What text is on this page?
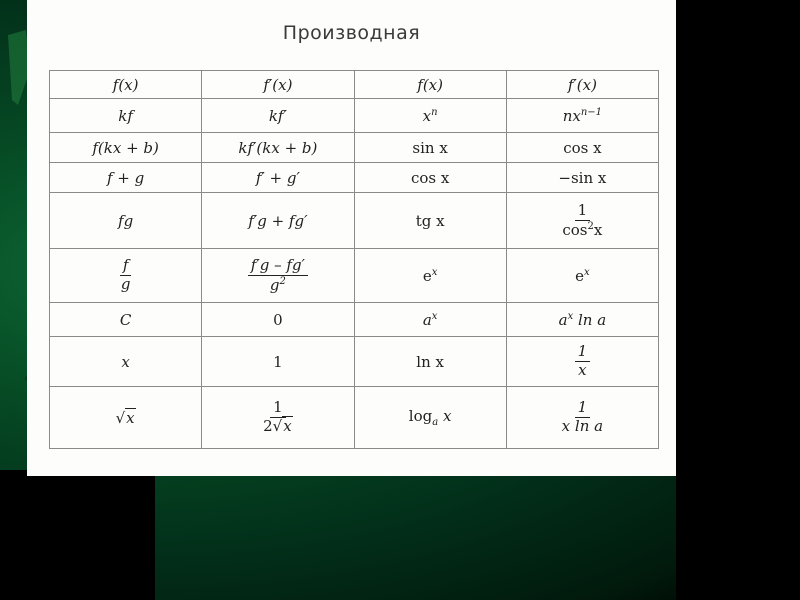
Производная
f(x)	f′(x)	f(x)	f′(x)
kf	kf′	$x^n$	$nx^{n-1}$
f(kx + b)	kf′(kx + b)	sin x	cos x
f + g	f′ + g′	cos x	−sin x
fg	f′g + fg′	tg x	$\frac{1}{\cos^2x}$

$\frac{f}{g}$	$\frac{f'g - fg'}{g^2}$	$e^x$	$e^x$
C	0	$a^x$	$a^x$ ln a
x	1	ln x	$\frac{1}{x}$

√x	$\frac{1}{2√x}$	$\log_a x$	$\frac{1}{\text{x ln a}}$
